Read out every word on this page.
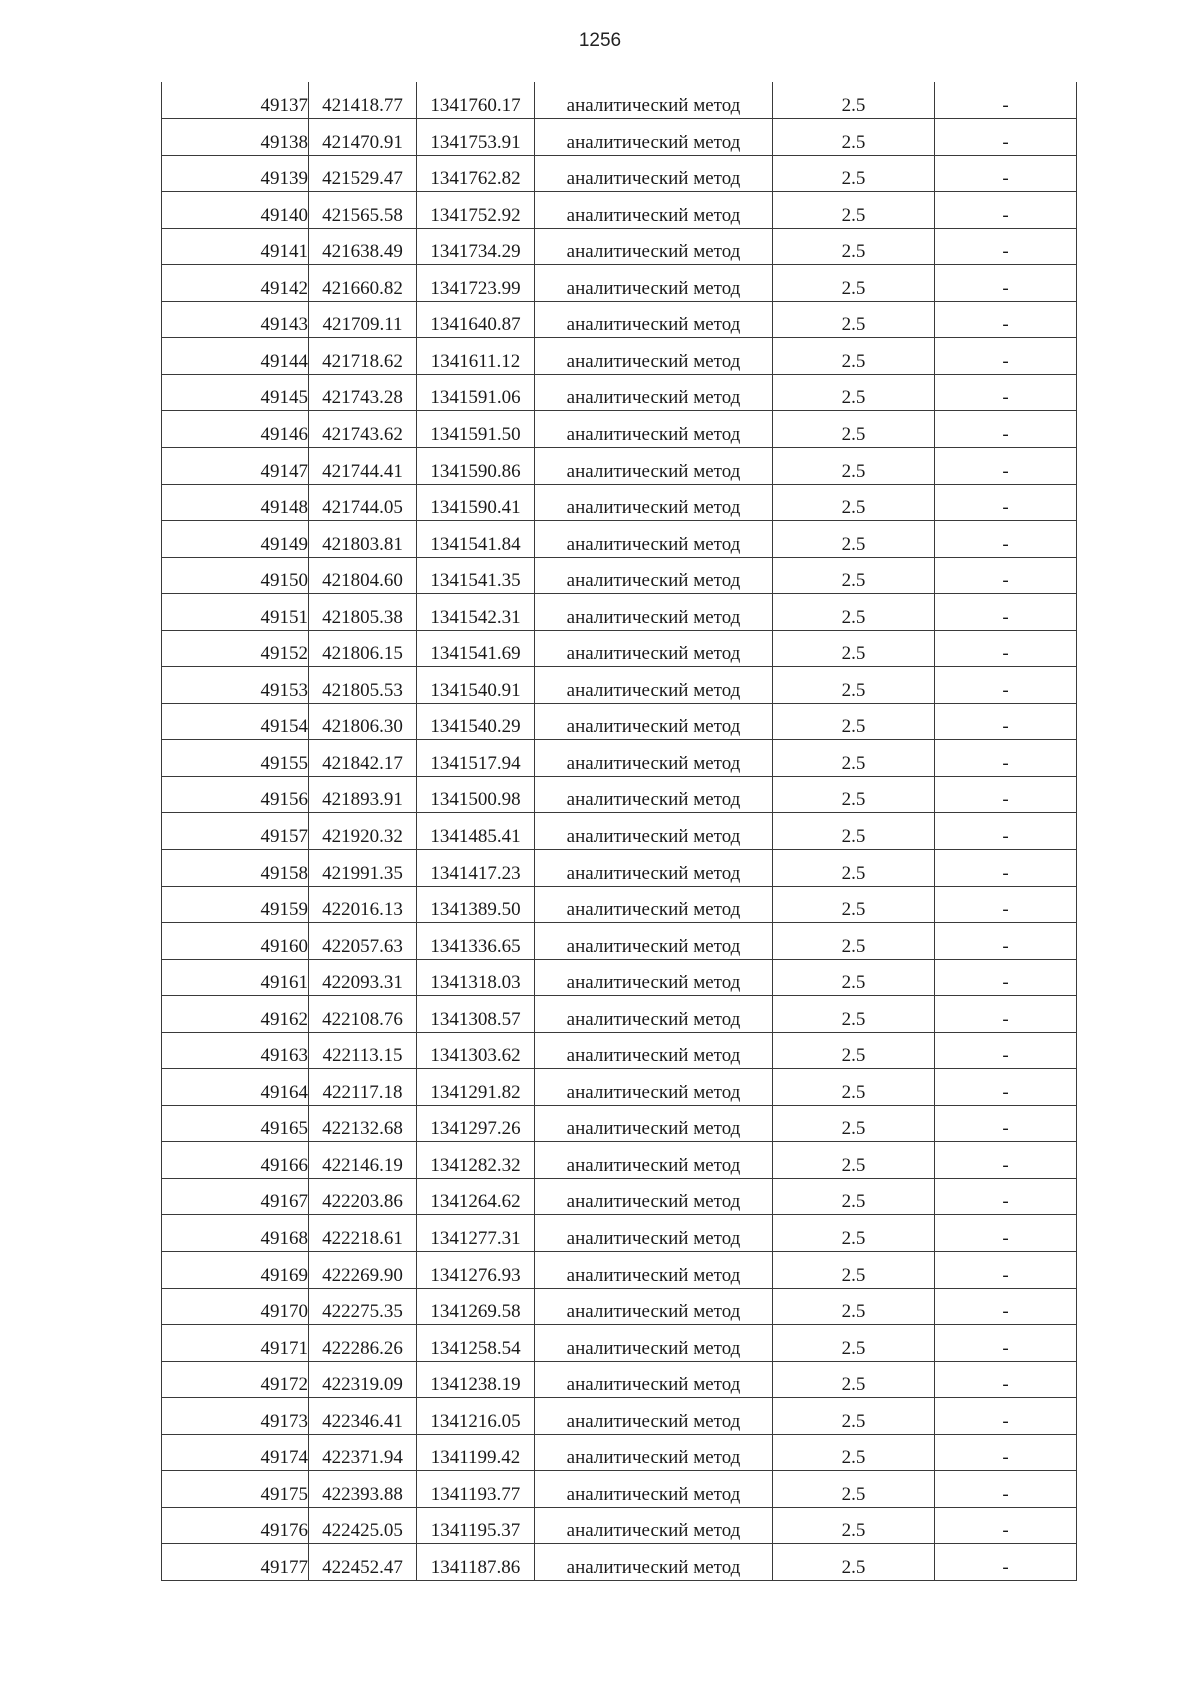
1256
49137	421418.77	1341760.17	аналитический метод	2.5	-
49138	421470.91	1341753.91	аналитический метод	2.5	-
49139	421529.47	1341762.82	аналитический метод	2.5	-
49140	421565.58	1341752.92	аналитический метод	2.5	-
49141	421638.49	1341734.29	аналитический метод	2.5	-
49142	421660.82	1341723.99	аналитический метод	2.5	-
49143	421709.11	1341640.87	аналитический метод	2.5	-
49144	421718.62	1341611.12	аналитический метод	2.5	-
49145	421743.28	1341591.06	аналитический метод	2.5	-
49146	421743.62	1341591.50	аналитический метод	2.5	-
49147	421744.41	1341590.86	аналитический метод	2.5	-
49148	421744.05	1341590.41	аналитический метод	2.5	-
49149	421803.81	1341541.84	аналитический метод	2.5	-
49150	421804.60	1341541.35	аналитический метод	2.5	-
49151	421805.38	1341542.31	аналитический метод	2.5	-
49152	421806.15	1341541.69	аналитический метод	2.5	-
49153	421805.53	1341540.91	аналитический метод	2.5	-
49154	421806.30	1341540.29	аналитический метод	2.5	-
49155	421842.17	1341517.94	аналитический метод	2.5	-
49156	421893.91	1341500.98	аналитический метод	2.5	-
49157	421920.32	1341485.41	аналитический метод	2.5	-
49158	421991.35	1341417.23	аналитический метод	2.5	-
49159	422016.13	1341389.50	аналитический метод	2.5	-
49160	422057.63	1341336.65	аналитический метод	2.5	-
49161	422093.31	1341318.03	аналитический метод	2.5	-
49162	422108.76	1341308.57	аналитический метод	2.5	-
49163	422113.15	1341303.62	аналитический метод	2.5	-
49164	422117.18	1341291.82	аналитический метод	2.5	-
49165	422132.68	1341297.26	аналитический метод	2.5	-
49166	422146.19	1341282.32	аналитический метод	2.5	-
49167	422203.86	1341264.62	аналитический метод	2.5	-
49168	422218.61	1341277.31	аналитический метод	2.5	-
49169	422269.90	1341276.93	аналитический метод	2.5	-
49170	422275.35	1341269.58	аналитический метод	2.5	-
49171	422286.26	1341258.54	аналитический метод	2.5	-
49172	422319.09	1341238.19	аналитический метод	2.5	-
49173	422346.41	1341216.05	аналитический метод	2.5	-
49174	422371.94	1341199.42	аналитический метод	2.5	-
49175	422393.88	1341193.77	аналитический метод	2.5	-
49176	422425.05	1341195.37	аналитический метод	2.5	-
49177	422452.47	1341187.86	аналитический метод	2.5	-
